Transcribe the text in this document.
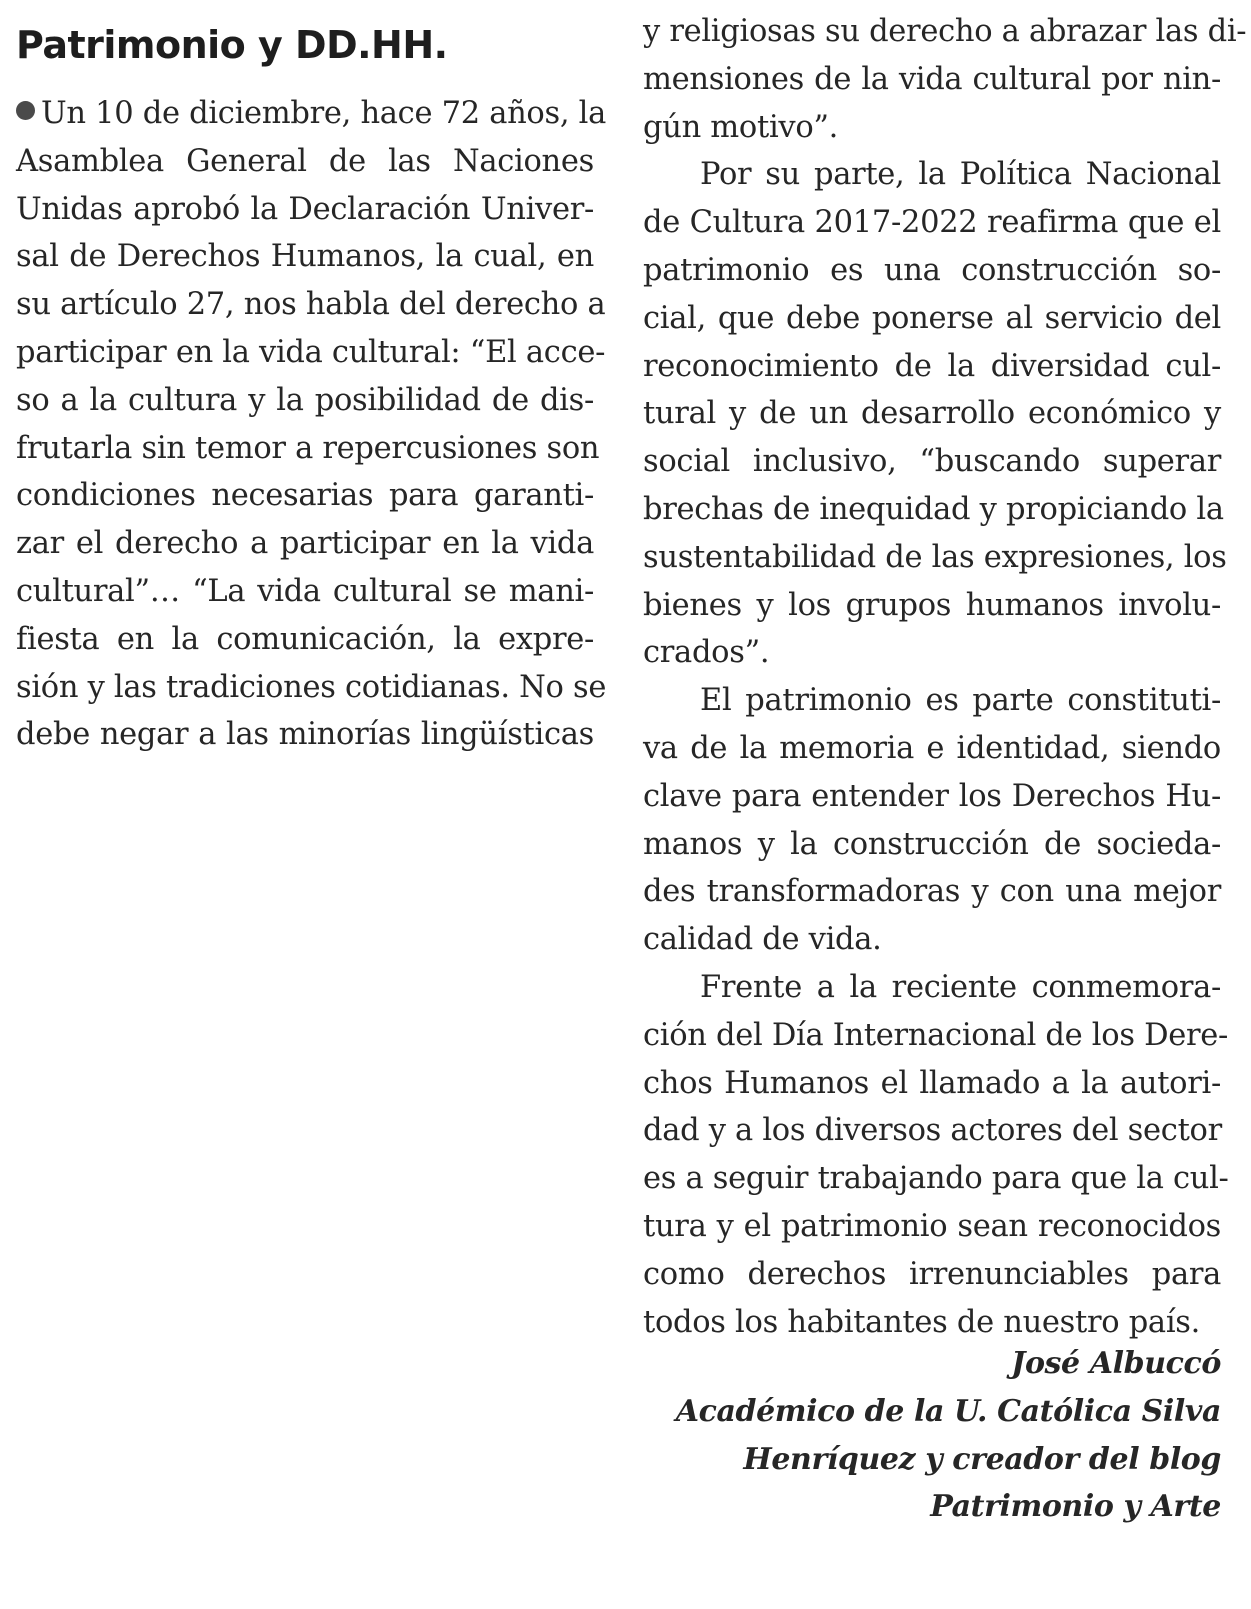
Patrimonio y DD.HH.
Un 10 de diciembre, hace 72 años, la
Asamblea General de las Naciones
Unidas aprobó la Declaración Univer-
sal de Derechos Humanos, la cual, en
su artículo 27, nos habla del derecho a
participar en la vida cultural: “El acce-
so a la cultura y la posibilidad de dis-
frutarla sin temor a repercusiones son
condiciones necesarias para garanti-
zar el derecho a participar en la vida
cultural”… “La vida cultural se mani-
fiesta en la comunicación, la expre-
sión y las tradiciones cotidianas. No se
debe negar a las minorías lingüísticas
y religiosas su derecho a abrazar las di-
mensiones de la vida cultural por nin-
gún motivo”.
Por su parte, la Política Nacional
de Cultura 2017-2022 reafirma que el
patrimonio es una construcción so-
cial, que debe ponerse al servicio del
reconocimiento de la diversidad cul-
tural y de un desarrollo económico y
social inclusivo, “buscando superar
brechas de inequidad y propiciando la
sustentabilidad de las expresiones, los
bienes y los grupos humanos involu-
crados”.
El patrimonio es parte constituti-
va de la memoria e identidad, siendo
clave para entender los Derechos Hu-
manos y la construcción de socieda-
des transformadoras y con una mejor
calidad de vida.
Frente a la reciente conmemora-
ción del Día Internacional de los Dere-
chos Humanos el llamado a la autori-
dad y a los diversos actores del sector
es a seguir trabajando para que la cul-
tura y el patrimonio sean reconocidos
como derechos irrenunciables para
todos los habitantes de nuestro país.
José Albuccó
Académico de la U. Católica Silva
Henríquez y creador del blog
Patrimonio y Arte
